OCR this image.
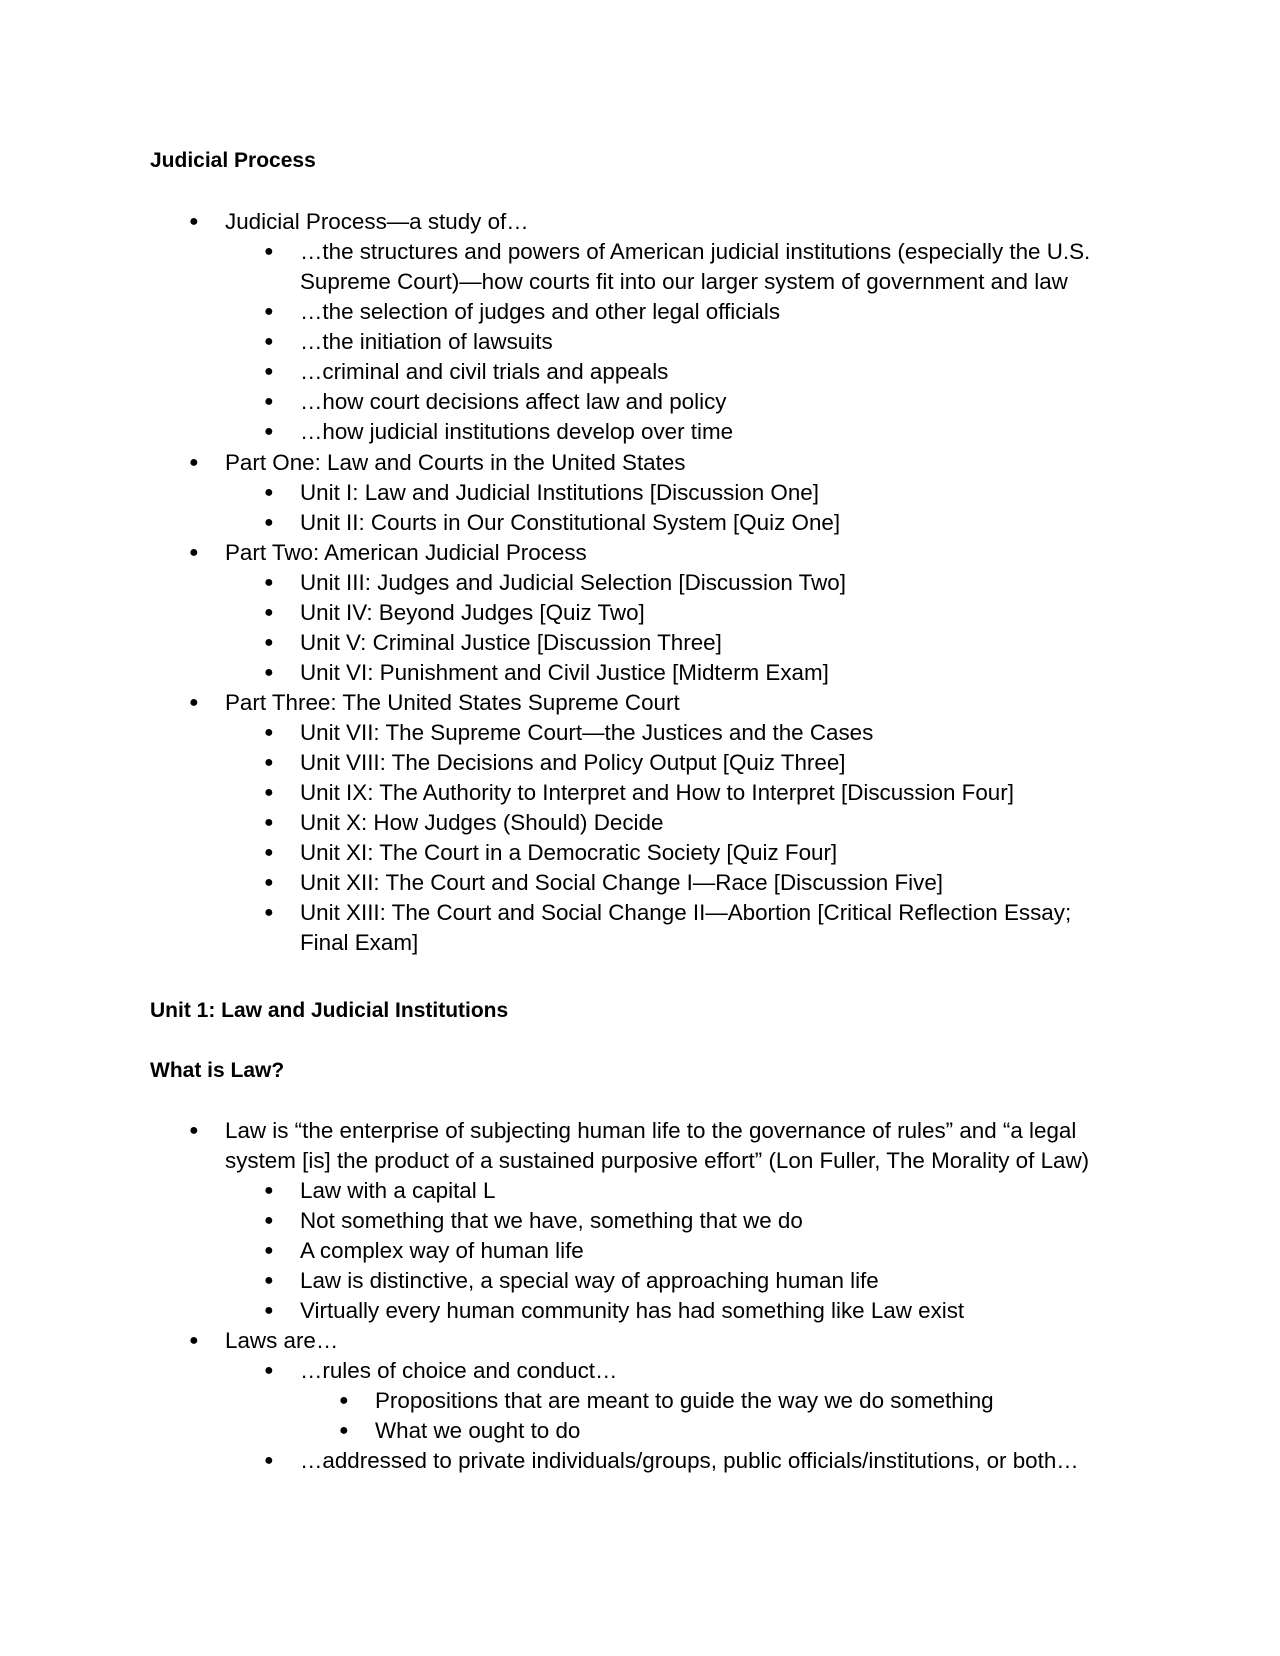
Judicial Process

● Judicial Process—a study of…

● …the structures and powers of American judicial institutions (especially the U.S.

Supreme Court)—how courts fit into our larger system of government and law

● …the selection of judges and other legal officials

● …the initiation of lawsuits

● …criminal and civil trials and appeals

● …how court decisions affect law and policy

● …how judicial institutions develop over time

● Part One: Law and Courts in the United States

● Unit I: Law and Judicial Institutions [Discussion One]

● Unit II: Courts in Our Constitutional System [Quiz One]

● Part Two: American Judicial Process

● Unit III: Judges and Judicial Selection [Discussion Two]

● Unit IV: Beyond Judges [Quiz Two]

● Unit V: Criminal Justice [Discussion Three]

● Unit VI: Punishment and Civil Justice [Midterm Exam]

● Part Three: The United States Supreme Court

● Unit VII: The Supreme Court—the Justices and the Cases

● Unit VIII: The Decisions and Policy Output [Quiz Three]

● Unit IX: The Authority to Interpret and How to Interpret [Discussion Four]

● Unit X: How Judges (Should) Decide

● Unit XI: The Court in a Democratic Society [Quiz Four]

● Unit XII: The Court and Social Change I—Race [Discussion Five]

● Unit XIII: The Court and Social Change II—Abortion [Critical Reflection Essay;

Final Exam]

Unit 1: Law and Judicial Institutions
What is Law?

● Law is “the enterprise of subjecting human life to the governance of rules” and “a legal

system [is] the product of a sustained purposive effort” (Lon Fuller, The Morality of Law)

● Law with a capital L

● Not something that we have, something that we do

● A complex way of human life

● Law is distinctive, a special way of approaching human life

● Virtually every human community has had something like Law exist

● Laws are…

● …rules of choice and conduct…

● Propositions that are meant to guide the way we do something

● What we ought to do

● …addressed to private individuals/groups, public officials/institutions, or both…
